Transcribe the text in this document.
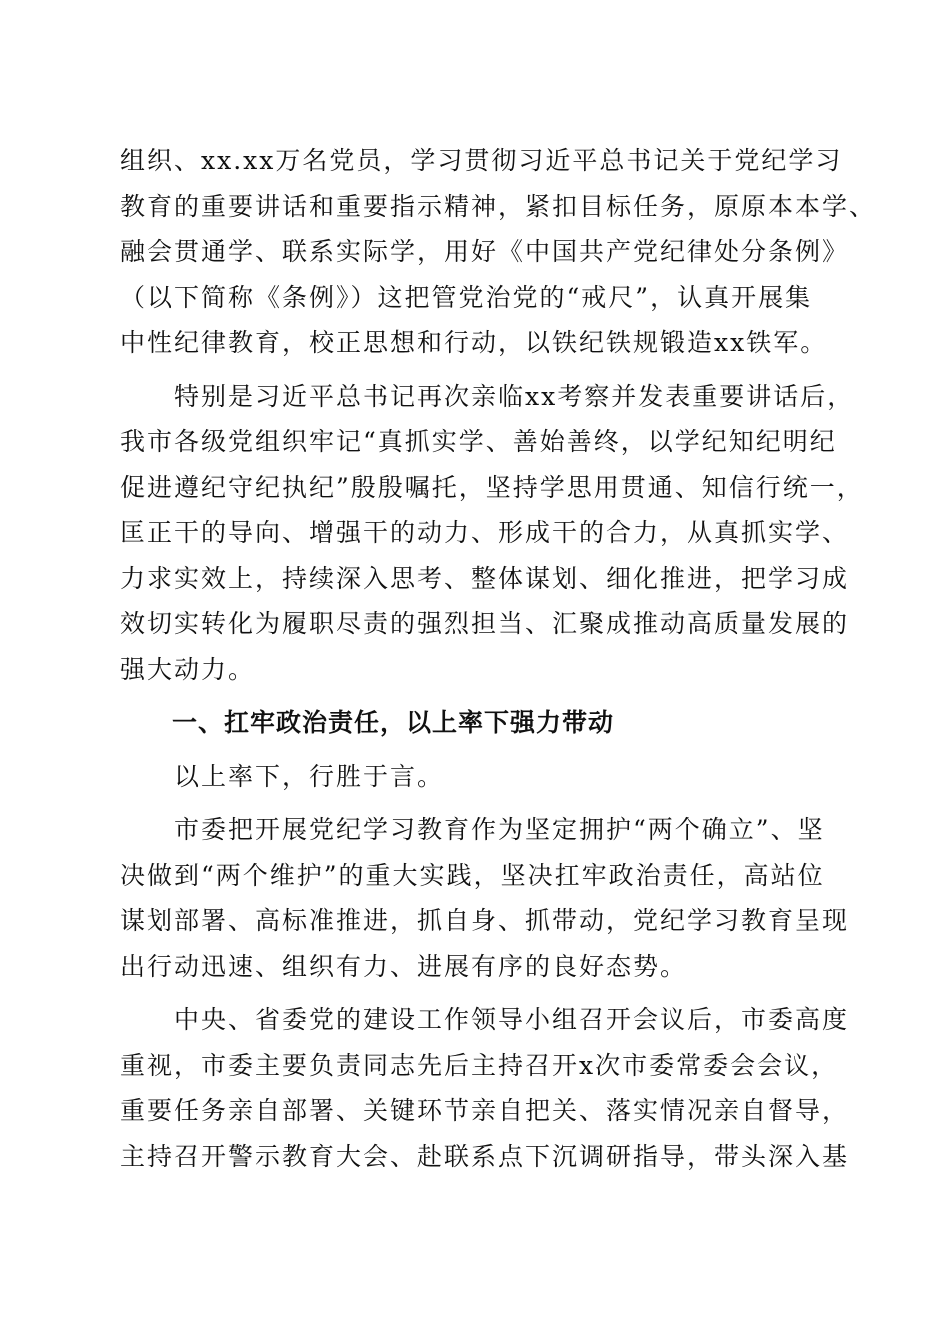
组织、xx.xx万名党员，学习贯彻习近平总书记关于党纪学习
教育的重要讲话和重要指示精神，紧扣目标任务，原原本本学、
融会贯通学、联系实际学，用好《中国共产党纪律处分条例》
（以下简称《条例》）这把管党治党的“戒尺”，认真开展集
中性纪律教育，校正思想和行动，以铁纪铁规锻造xx铁军。
　　特别是习近平总书记再次亲临xx考察并发表重要讲话后，
我市各级党组织牢记“真抓实学、善始善终，以学纪知纪明纪
促进遵纪守纪执纪”殷殷嘱托，坚持学思用贯通、知信行统一，
匡正干的导向、增强干的动力、形成干的合力，从真抓实学、
力求实效上，持续深入思考、整体谋划、细化推进，把学习成
效切实转化为履职尽责的强烈担当、汇聚成推动高质量发展的
强大动力。
　　一、扛牢政治责任，以上率下强力带动
　　以上率下，行胜于言。
　　市委把开展党纪学习教育作为坚定拥护“两个确立”、坚
决做到“两个维护”的重大实践，坚决扛牢政治责任，高站位
谋划部署、高标准推进，抓自身、抓带动，党纪学习教育呈现
出行动迅速、组织有力、进展有序的良好态势。
　　中央、省委党的建设工作领导小组召开会议后，市委高度
重视，市委主要负责同志先后主持召开x次市委常委会会议，
重要任务亲自部署、关键环节亲自把关、落实情况亲自督导，
主持召开警示教育大会、赴联系点下沉调研指导，带头深入基
